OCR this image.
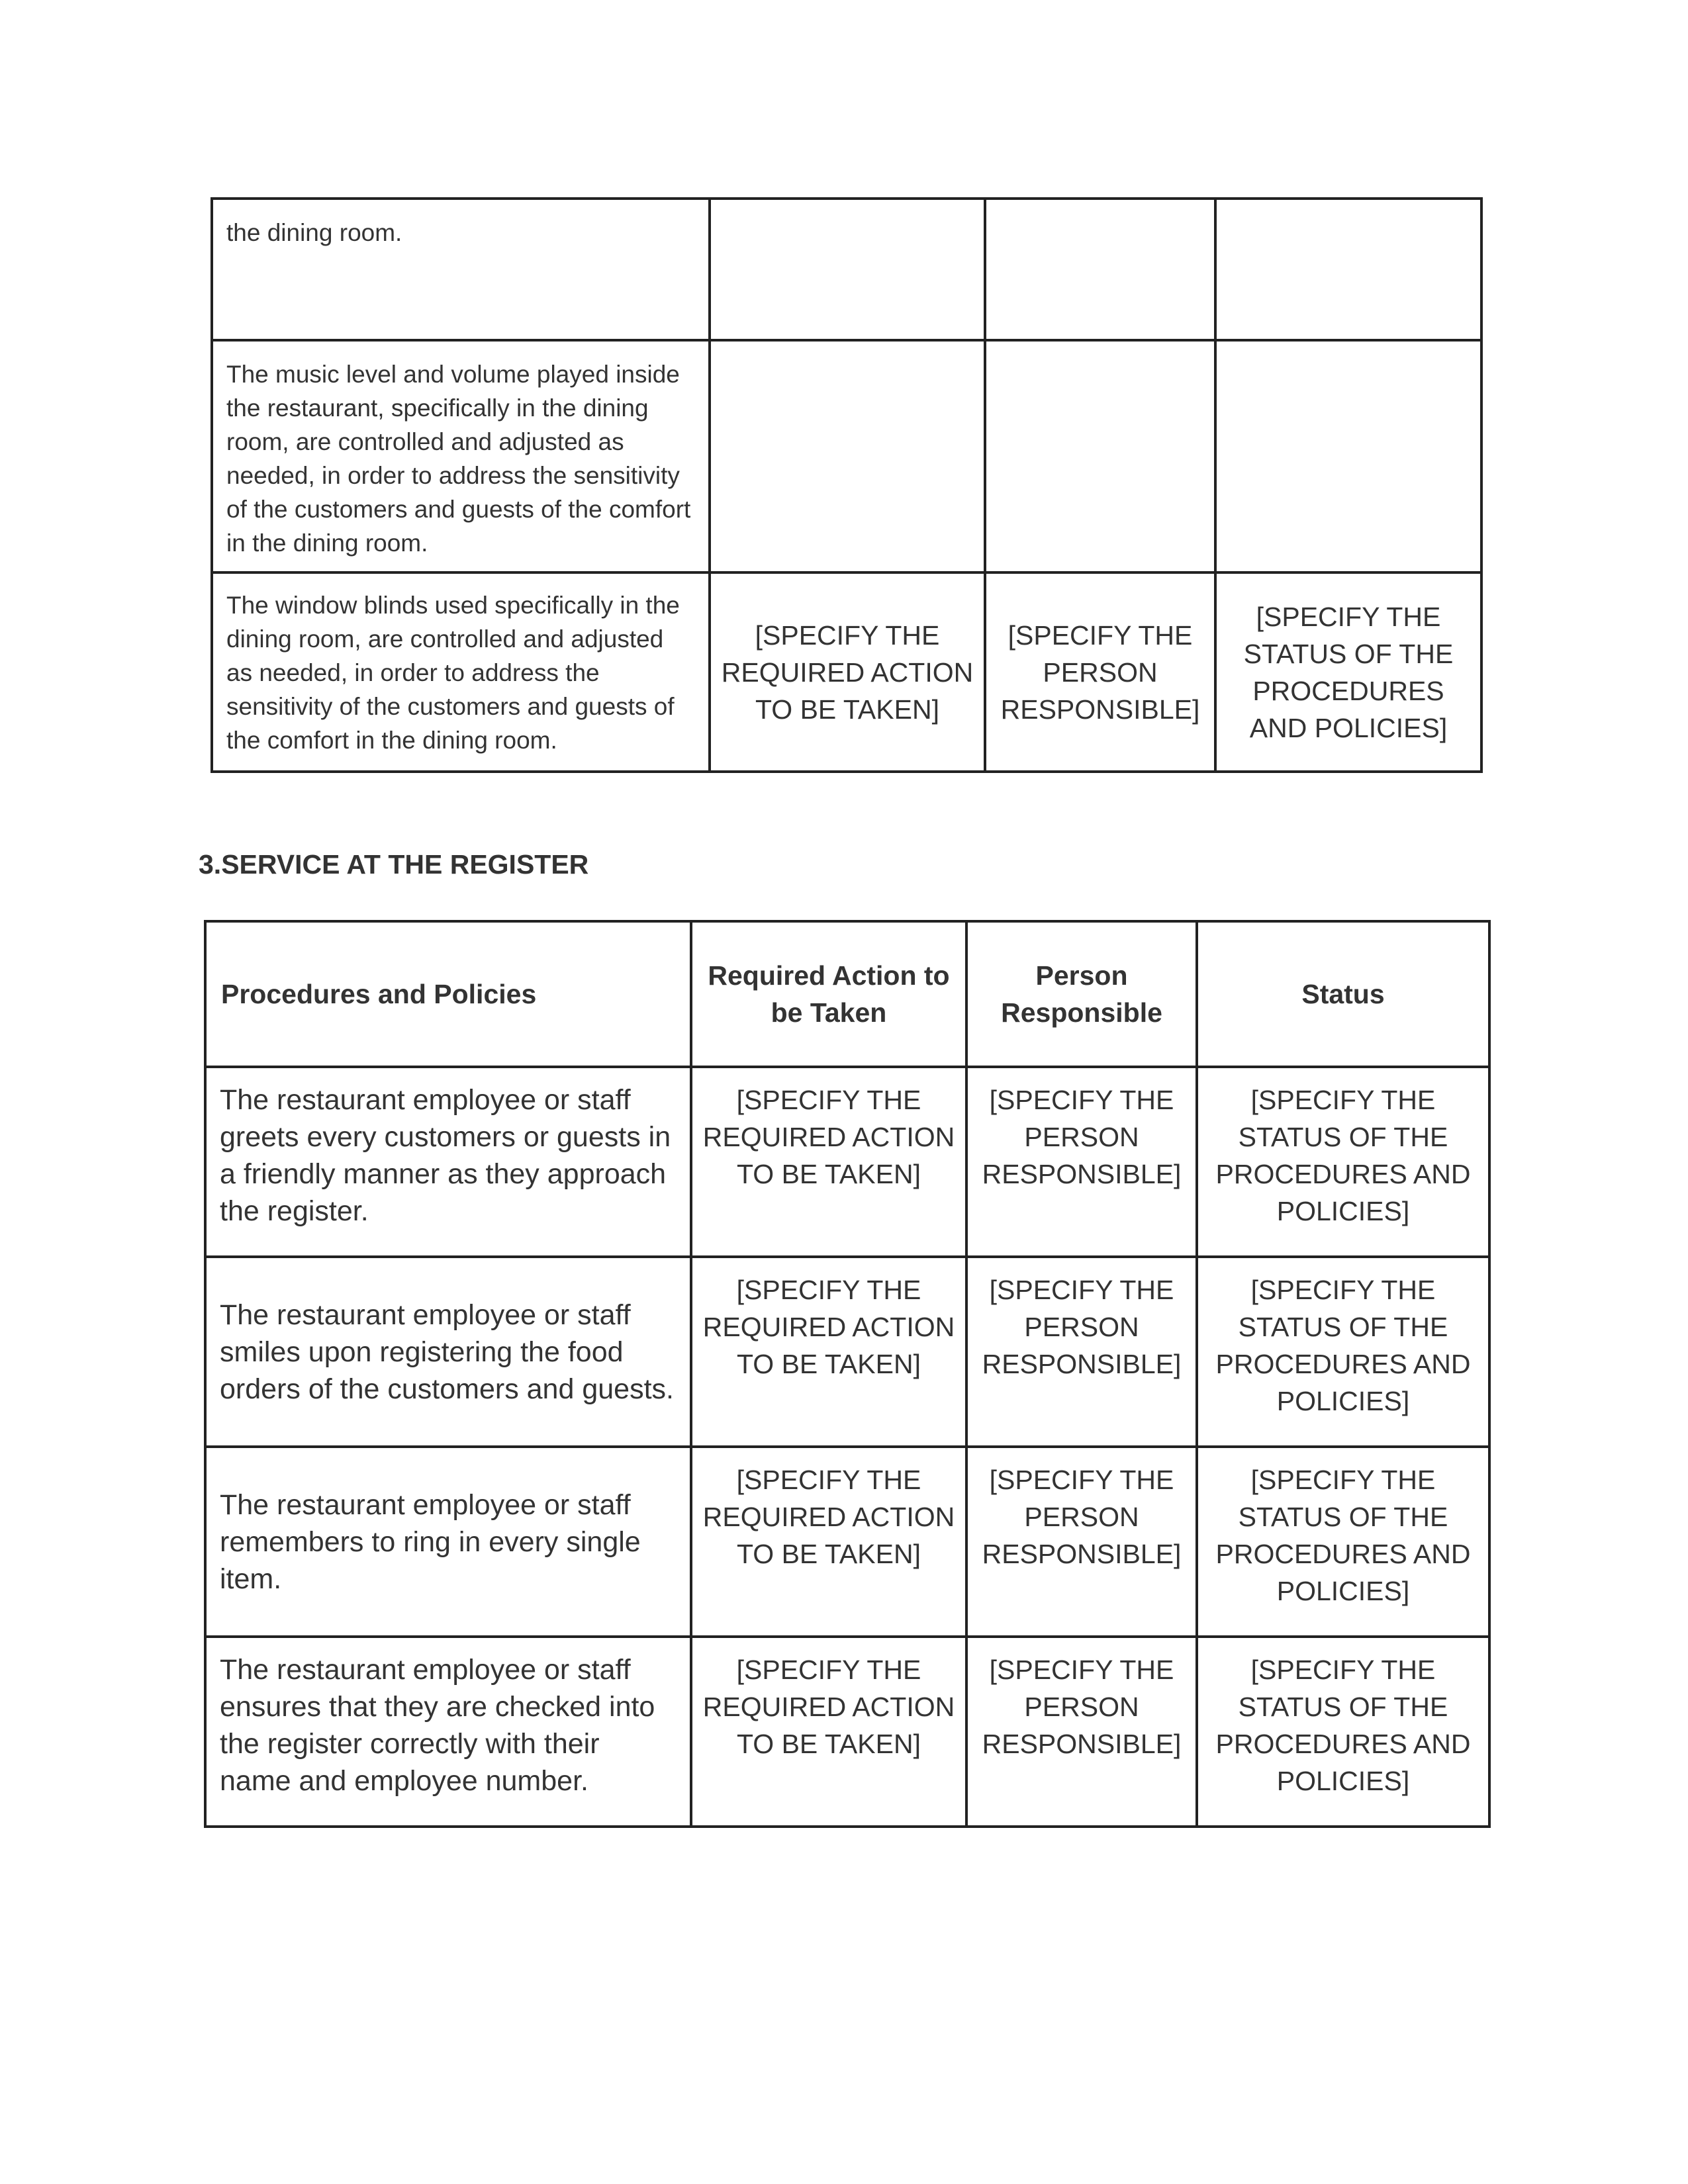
the dining room.			
The music level and volume played inside the restaurant, specifically in the dining room, are controlled and adjusted as needed, in order to address the sensitivity of the customers and guests of the comfort in the dining room.			
The window blinds used specifically in the dining room, are controlled and adjusted as needed, in order to address the sensitivity of the customers and guests of the comfort in the dining room.	[SPECIFY THE REQUIRED ACTION TO BE TAKEN]	[SPECIFY THE PERSON RESPONSIBLE]	[SPECIFY THE STATUS OF THE PROCEDURES AND POLICIES]
3.SERVICE AT THE REGISTER
Procedures and Policies	Required Action to be Taken	Person Responsible	Status
The restaurant employee or staff greets every customers or guests in a friendly manner as they approach the register.	[SPECIFY THE REQUIRED ACTION TO BE TAKEN]	[SPECIFY THE PERSON RESPONSIBLE]	[SPECIFY THE STATUS OF THE PROCEDURES AND POLICIES]
The restaurant employee or staff smiles upon registering the food orders of the customers and guests.	[SPECIFY THE REQUIRED ACTION TO BE TAKEN]	[SPECIFY THE PERSON RESPONSIBLE]	[SPECIFY THE STATUS OF THE PROCEDURES AND POLICIES]
The restaurant employee or staff remembers to ring in every single item.	[SPECIFY THE REQUIRED ACTION TO BE TAKEN]	[SPECIFY THE PERSON RESPONSIBLE]	[SPECIFY THE STATUS OF THE PROCEDURES AND POLICIES]
The restaurant employee or staff ensures that they are checked into the register correctly with their name and employee number.	[SPECIFY THE REQUIRED ACTION TO BE TAKEN]	[SPECIFY THE PERSON RESPONSIBLE]	[SPECIFY THE STATUS OF THE PROCEDURES AND POLICIES]
